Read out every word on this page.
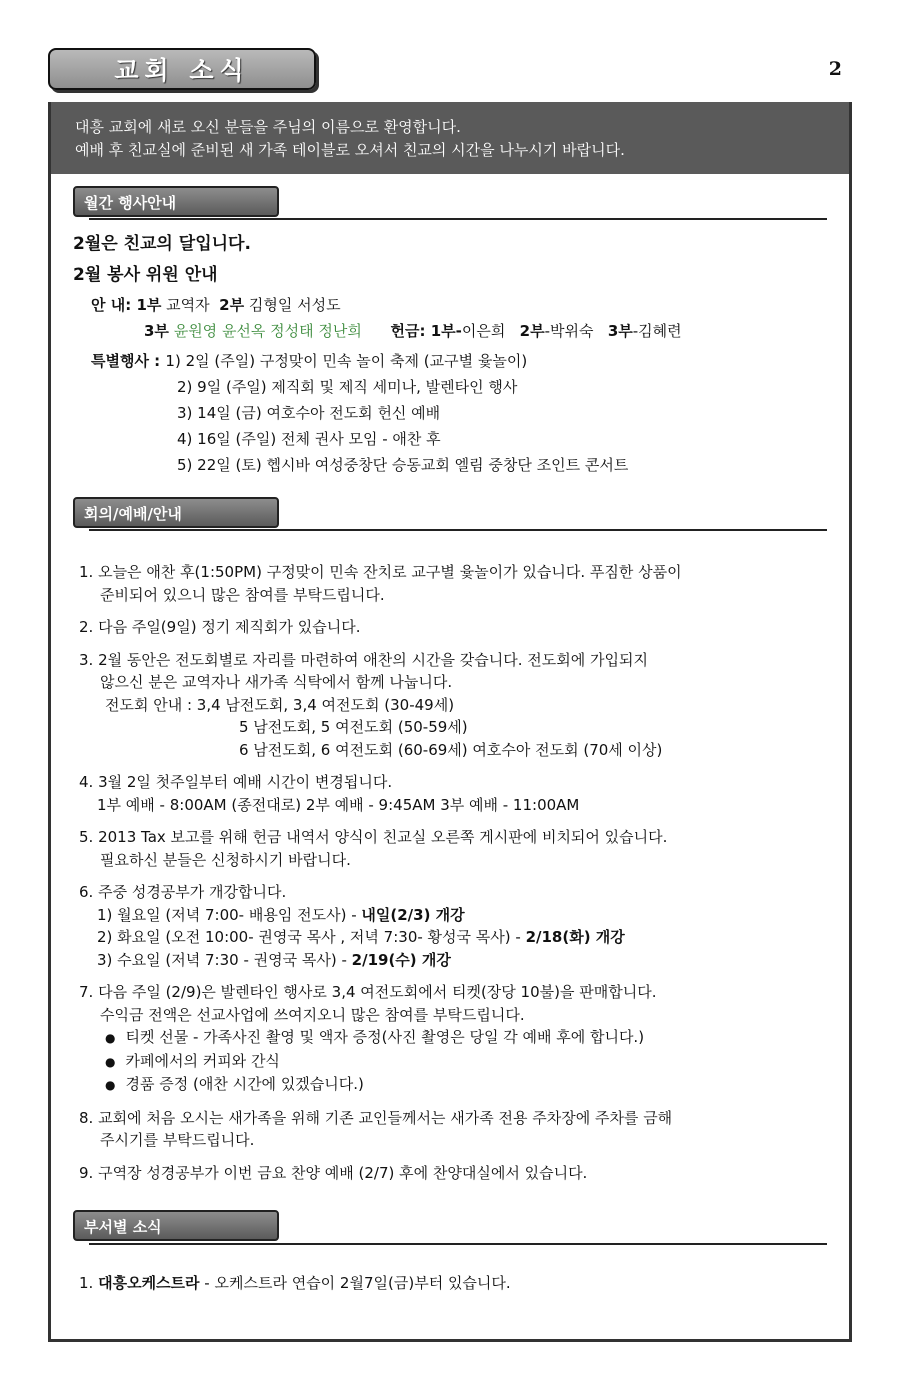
교회 소식	2
대흥 교회에 새로 오신 분들을 주님의 이름으로 환영합니다.
예배 후 친교실에 준비된 새 가족 테이블로 오셔서 친교의 시간을 나누시기 바랍니다.
월간 행사안내
2월은 친교의 달입니다.
2월 봉사 위원 안내
안 내: 1부 교역자  2부 김형일 서성도
3부 윤원영 윤선옥 정성태 정난희 헌금: 1부-이은희 2부-박위숙 3부-김혜련
특별행사 : 1) 2일 (주일) 구정맞이 민속 놀이 축제 (교구별 윷놀이)
2) 9일 (주일) 제직회 및 제직 세미나, 발렌타인 행사
3) 14일 (금) 여호수아 전도회 헌신 예배
4) 16일 (주일) 전체 권사 모임 - 애찬 후
5) 22일 (토) 헵시바 여성중창단 승동교회 엘림 중창단 조인트 콘서트
회의/예배/안내
1. 오늘은 애찬 후(1:50PM) 구정맞이 민속 잔치로 교구별 윷놀이가 있습니다. 푸짐한 상품이
준비되어 있으니 많은 참여를 부탁드립니다.
2. 다음 주일(9일) 정기 제직회가 있습니다.
3. 2월 동안은 전도회별로 자리를 마련하여 애찬의 시간을 갖습니다. 전도회에 가입되지
않으신 분은 교역자나 새가족 식탁에서 함께 나눕니다.
전도회 안내 : 3,4 남전도회, 3,4 여전도회 (30-49세)
5 남전도회, 5 여전도회 (50-59세)
6 남전도회, 6 여전도회 (60-69세) 여호수아 전도회 (70세 이상)
4. 3월 2일 첫주일부터 예배 시간이 변경됩니다.
1부 예배 - 8:00AM (종전대로) 2부 예배 - 9:45AM 3부 예배 - 11:00AM
5. 2013 Tax 보고를 위해 헌금 내역서 양식이 친교실 오른쪽 게시판에 비치되어 있습니다.
필요하신 분들은 신청하시기 바랍니다.
6. 주중 성경공부가 개강합니다.
1) 월요일 (저녁 7:00- 배용임 전도사) - 내일(2/3) 개강
2) 화요일 (오전 10:00- 권영국 목사 , 저녁 7:30- 황성국 목사) - 2/18(화) 개강
3) 수요일 (저녁 7:30 - 권영국 목사) - 2/19(수) 개강
7. 다음 주일 (2/9)은 발렌타인 행사로 3,4 여전도회에서 티켓(장당 10불)을 판매합니다.
수익금 전액은 선교사업에 쓰여지오니 많은 참여를 부탁드립니다.
● 티켓 선물 - 가족사진 촬영 및 액자 증정(사진 촬영은 당일 각 예배 후에 합니다.)
● 카페에서의 커피와 간식
● 경품 증정 (애찬 시간에 있겠습니다.)
8. 교회에 처음 오시는 새가족을 위해 기존 교인들께서는 새가족 전용 주차장에 주차를 금해
주시기를 부탁드립니다.
9. 구역장 성경공부가 이번 금요 찬양 예배 (2/7) 후에 찬양대실에서 있습니다.
부서별 소식
1. 대흥오케스트라 - 오케스트라 연습이 2월7일(금)부터 있습니다.
